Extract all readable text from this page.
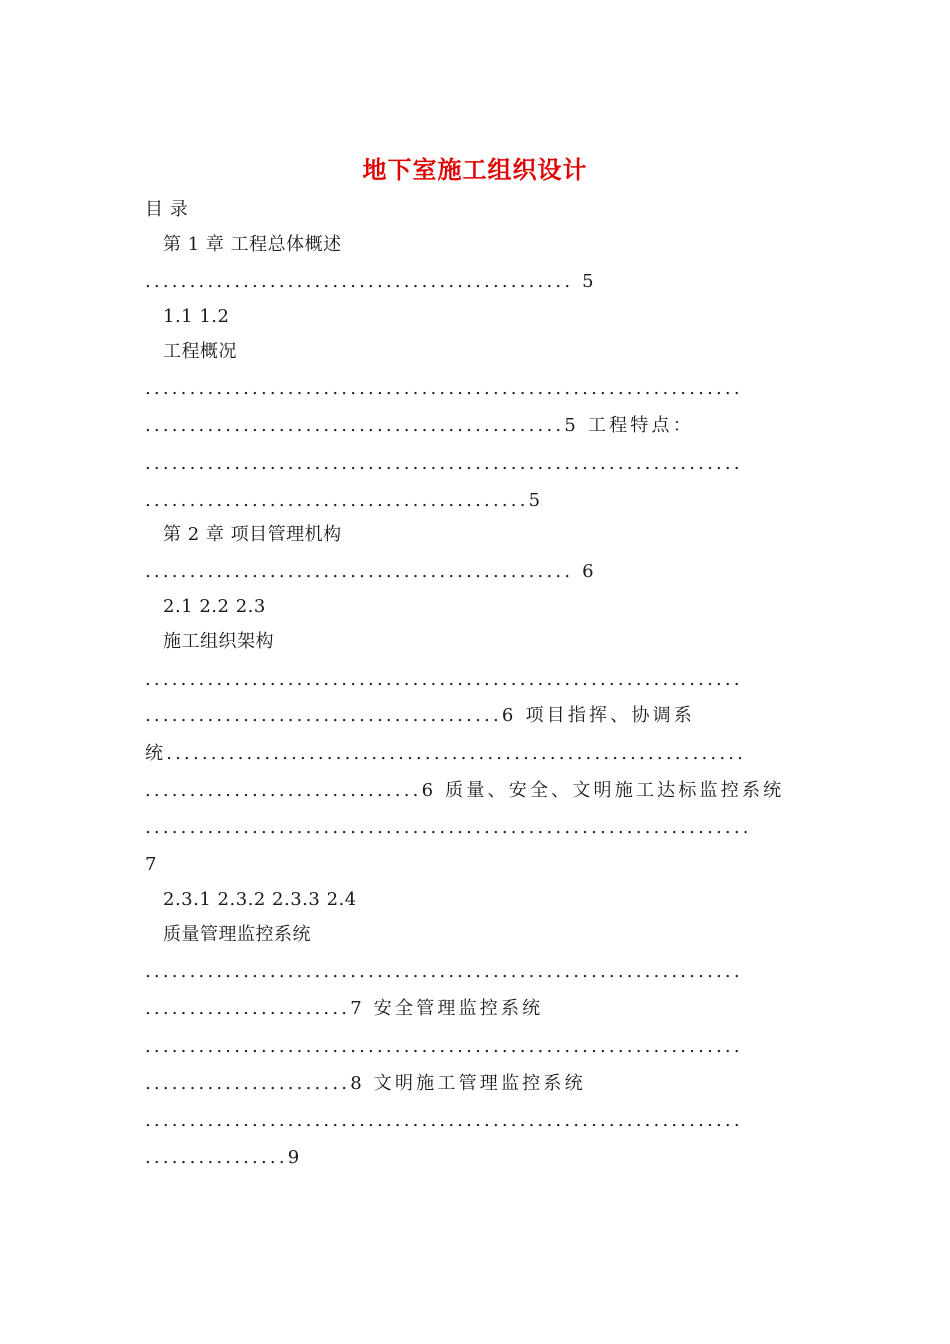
地下室施工组织设计
目 录
第 1 章 工程总体概述
................................................ 5
1.1 1.2
工程概况
...................................................................
...............................................5 工程特点：
...................................................................
...........................................5
第 2 章 项目管理机构
................................................ 6
2.1 2.2 2.3
施工组织架构
...................................................................
........................................6 项目指挥、协调系
统.................................................................
...............................6 质量、安全、文明施工达标监控系统
....................................................................
7
2.3.1 2.3.2 2.3.3 2.4
质量管理监控系统
...................................................................
.......................7 安全管理监控系统
...................................................................
.......................8 文明施工管理监控系统
...................................................................
................9
